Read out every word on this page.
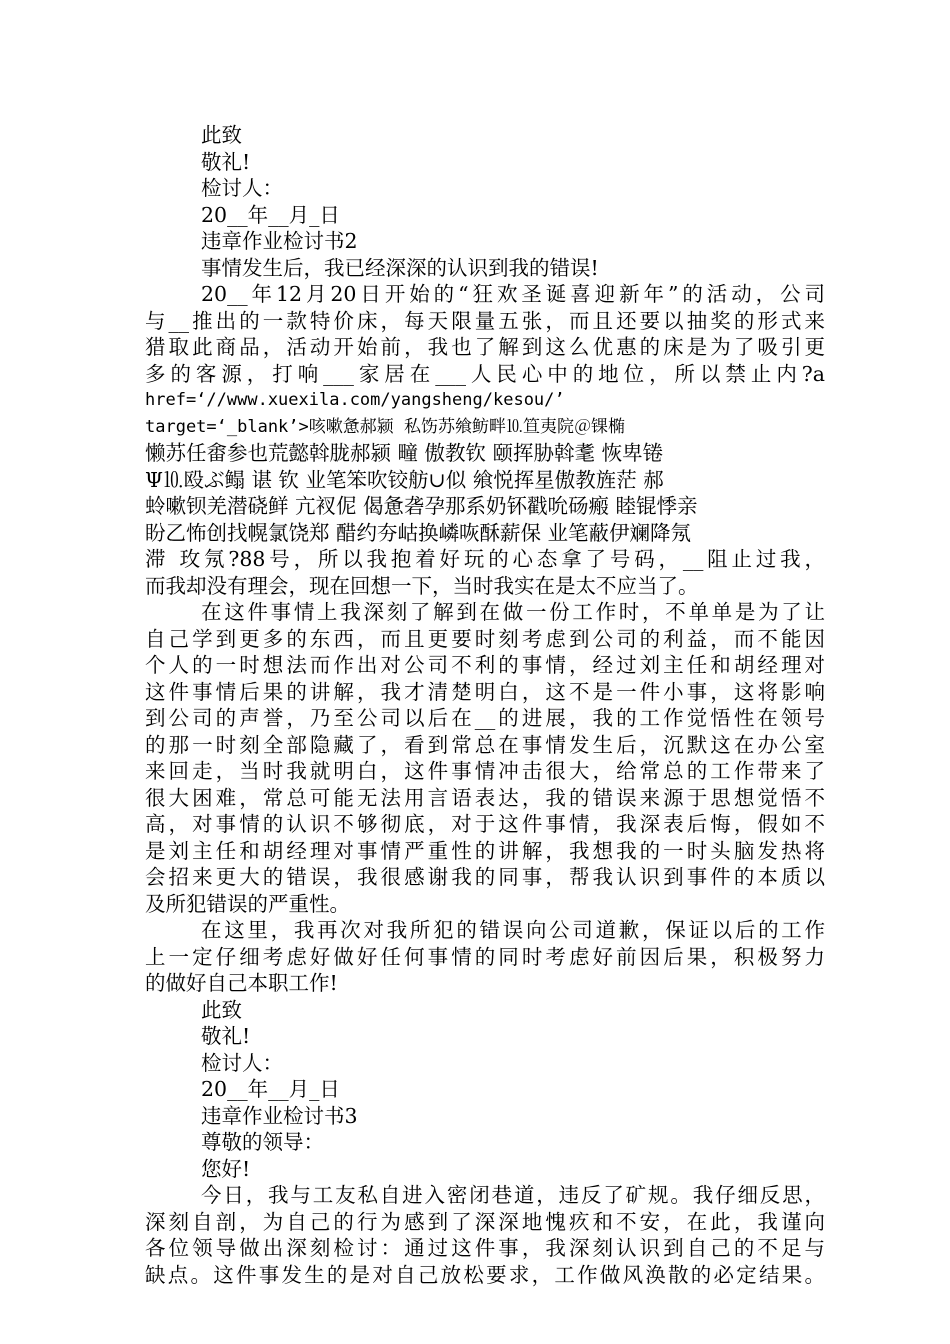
此致
敬礼!
检讨人：
20__年__月_日
违章作业检讨书2
事情发生后，我已经深深的认识到我的错误!
20__年12月20日开始的“狂欢圣诞喜迎新年”的活动，公司
与__推出的一款特价床，每天限量五张，而且还要以抽奖的形式来
猎取此商品，活动开始前，我也了解到这么优惠的床是为了吸引更
多的客源，打响___家居在___人民心中的地位，所以禁止内?a
href=‘//www.xuexila.com/yangsheng/kesou/’
target=‘_blank’>咳嗽惫郝颍 私饬苏飨鲂畔⒑笪夷院＠锞椭
懒苏任畬参也荒懿斡胧郝颍 疃 傲教钦 颐挥胁斡耄 恢卑锩
Ψ⒑殴ぶ鳎 谌 钦 业笔笨吹铰舫∪似 飨悦挥星傲教旌茫 郝
蛉嗽钡羌潜硗鲜 亢衩伲 偈惫砻孕那系奶钚戳吮砀瘢 睦锟悸亲
盼乙怖创找幌氯饶郑 醋约夯岵换嶙咴酥薪保 业笔蔽伊斓降氖
滞 玫氖?88号，所以我抱着好玩的心态拿了号码，__阻止过我，
而我却没有理会，现在回想一下，当时我实在是太不应当了。
在这件事情上我深刻了解到在做一份工作时，不单单是为了让
自己学到更多的东西，而且更要时刻考虑到公司的利益，而不能因
个人的一时想法而作出对公司不利的事情，经过刘主任和胡经理对
这件事情后果的讲解，我才清楚明白，这不是一件小事，这将影响
到公司的声誉，乃至公司以后在__的进展，我的工作觉悟性在领号
的那一时刻全部隐藏了，看到常总在事情发生后，沉默这在办公室
来回走，当时我就明白，这件事情冲击很大，给常总的工作带来了
很大困难，常总可能无法用言语表达，我的错误来源于思想觉悟不
高，对事情的认识不够彻底，对于这件事情，我深表后悔，假如不
是刘主任和胡经理对事情严重性的讲解，我想我的一时头脑发热将
会招来更大的错误，我很感谢我的同事，帮我认识到事件的本质以
及所犯错误的严重性。
在这里，我再次对我所犯的错误向公司道歉，保证以后的工作
上一定仔细考虑好做好任何事情的同时考虑好前因后果，积极努力
的做好自己本职工作!
此致
敬礼!
检讨人：
20__年__月_日
违章作业检讨书3
尊敬的领导：
您好!
今日，我与工友私自进入密闭巷道，违反了矿规。我仔细反思，
深刻自剖，为自己的行为感到了深深地愧疚和不安，在此，我谨向
各位领导做出深刻检讨：通过这件事，我深刻认识到自己的不足与
缺点。这件事发生的是对自己放松要求，工作做风涣散的必定结果。
